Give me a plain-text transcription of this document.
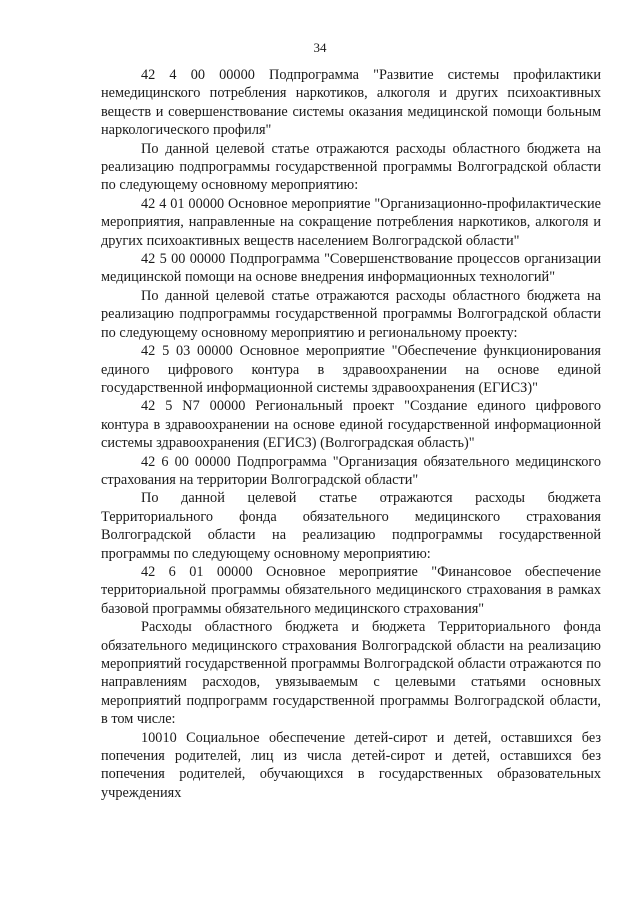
34

42 4 00 00000 Подпрограмма "Развитие системы профилактики немедицинского потребления наркотиков, алкоголя и других психоактивных веществ и совершенствование системы оказания медицинской помощи больным наркологического профиля"

По данной целевой статье отражаются расходы областного бюджета на реализацию подпрограммы государственной программы Волгоградской области по следующему основному мероприятию:

42 4 01 00000 Основное мероприятие "Организационно-профилактические мероприятия, направленные на сокращение потребления наркотиков, алкоголя и других психоактивных веществ населением Волгоградской области"

42 5 00 00000 Подпрограмма "Совершенствование процессов организации медицинской помощи на основе внедрения информационных технологий"

По данной целевой статье отражаются расходы областного бюджета на реализацию подпрограммы государственной программы Волгоградской области по следующему основному мероприятию и региональному проекту:

42 5 03 00000 Основное мероприятие "Обеспечение функционирования единого цифрового контура в здравоохранении на основе единой государственной информационной системы здравоохранения (ЕГИСЗ)"

42 5 N7 00000 Региональный проект "Создание единого цифрового контура в здравоохранении на основе единой государственной информационной системы здравоохранения (ЕГИСЗ) (Волгоградская область)"

42 6 00 00000 Подпрограмма "Организация обязательного медицинского страхования на территории Волгоградской области"

По данной целевой статье отражаются расходы бюджета Территориального фонда обязательного медицинского страхования Волгоградской области на реализацию подпрограммы государственной программы по следующему основному мероприятию:

42 6 01 00000 Основное мероприятие "Финансовое обеспечение территориальной программы обязательного медицинского страхования в рамках базовой программы обязательного медицинского страхования"

Расходы областного бюджета и бюджета Территориального фонда обязательного медицинского страхования Волгоградской области на реализацию мероприятий государственной программы Волгоградской области отражаются по направлениям расходов, увязываемым с целевыми статьями основных мероприятий подпрограмм государственной программы Волгоградской области, в том числе:

10010 Социальное обеспечение детей-сирот и детей, оставшихся без попечения родителей, лиц из числа детей-сирот и детей, оставшихся без попечения родителей, обучающихся в государственных образовательных учреждениях
